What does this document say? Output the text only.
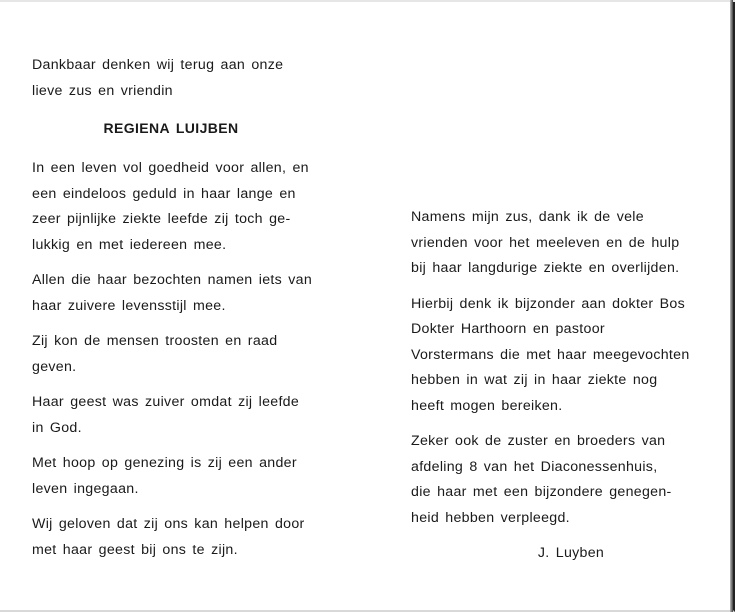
Dankbaar denken wij terug aan onze
lieve zus en vriendin

REGIENA LUIJBEN

In een leven vol goedheid voor allen, en
een eindeloos geduld in haar lange en
zeer pijnlijke ziekte leefde zij toch ge-
lukkig en met iedereen mee.

Allen die haar bezochten namen iets van
haar zuivere levensstijl mee.

Zij kon de mensen troosten en raad
geven.

Haar geest was zuiver omdat zij leefde
in God.

Met hoop op genezing is zij een ander
leven ingegaan.

Wij geloven dat zij ons kan helpen door
met haar geest bij ons te zijn.

Namens mijn zus, dank ik de vele
vrienden voor het meeleven en de hulp
bij haar langdurige ziekte en overlijden.

Hierbij denk ik bijzonder aan dokter Bos
Dokter Harthoorn en pastoor
Vorstermans die met haar meegevochten
hebben in wat zij in haar ziekte nog
heeft mogen bereiken.

Zeker ook de zuster en broeders van
afdeling 8 van het Diaconessenhuis,
die haar met een bijzondere genegen-
heid hebben verpleegd.

J. Luyben
